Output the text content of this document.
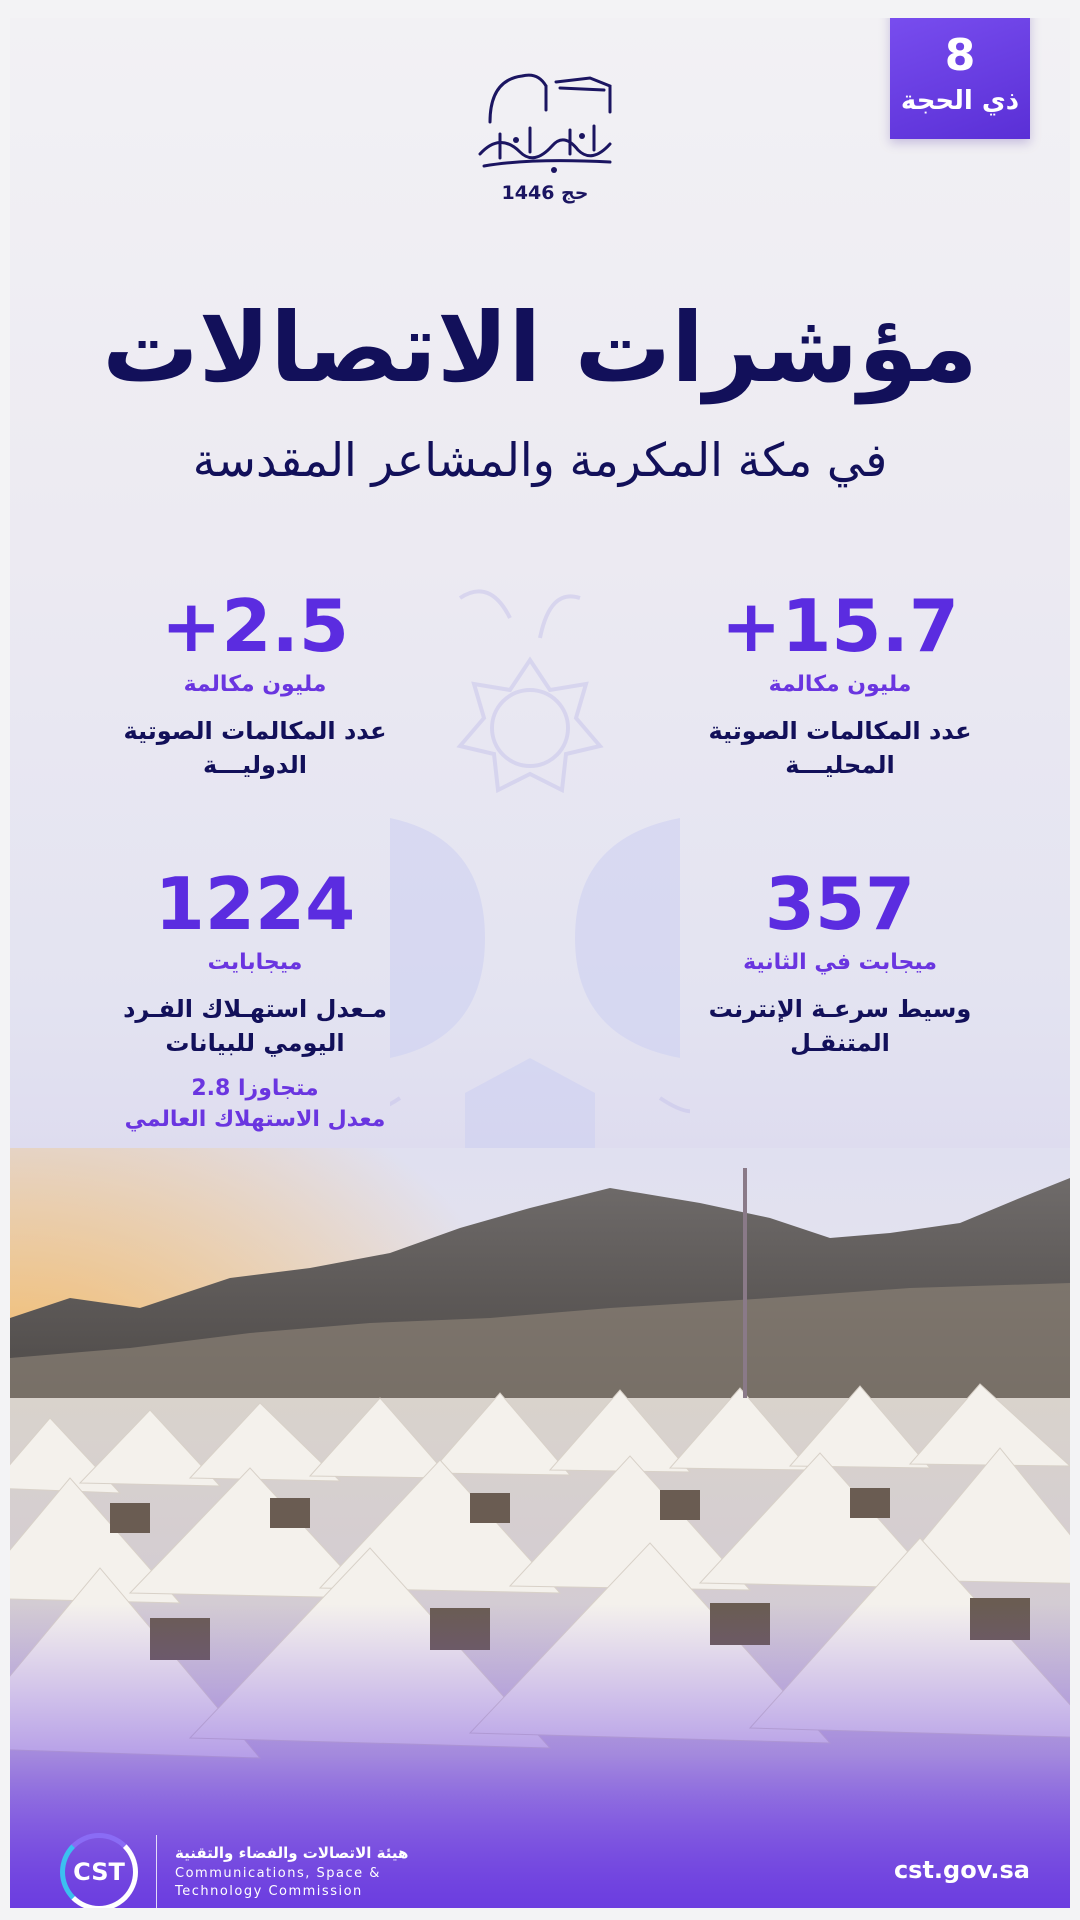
8
ذي الحجة
حج 1446
مؤشرات الاتصالات
في مكة المكرمة والمشاعر المقدسة
+15.7
مليون مكالمة
عدد المكالمات الصوتية
المحليـــة
+2.5
مليون مكالمة
عدد المكالمات الصوتية
الدوليـــة
357
ميجابت في الثانية
وسيط سرعـة الإنترنت
المتنقـل
1224
ميجابايت
مـعدل استهـلاك الفـرد
اليومي للبيانات
متجاوزا 2.8
معدل الاستهلاك العالمي
CST
هيئة الاتصالات والفضاء والتقنية
Communications, Space &
Technology Commission
cst.gov.sa
